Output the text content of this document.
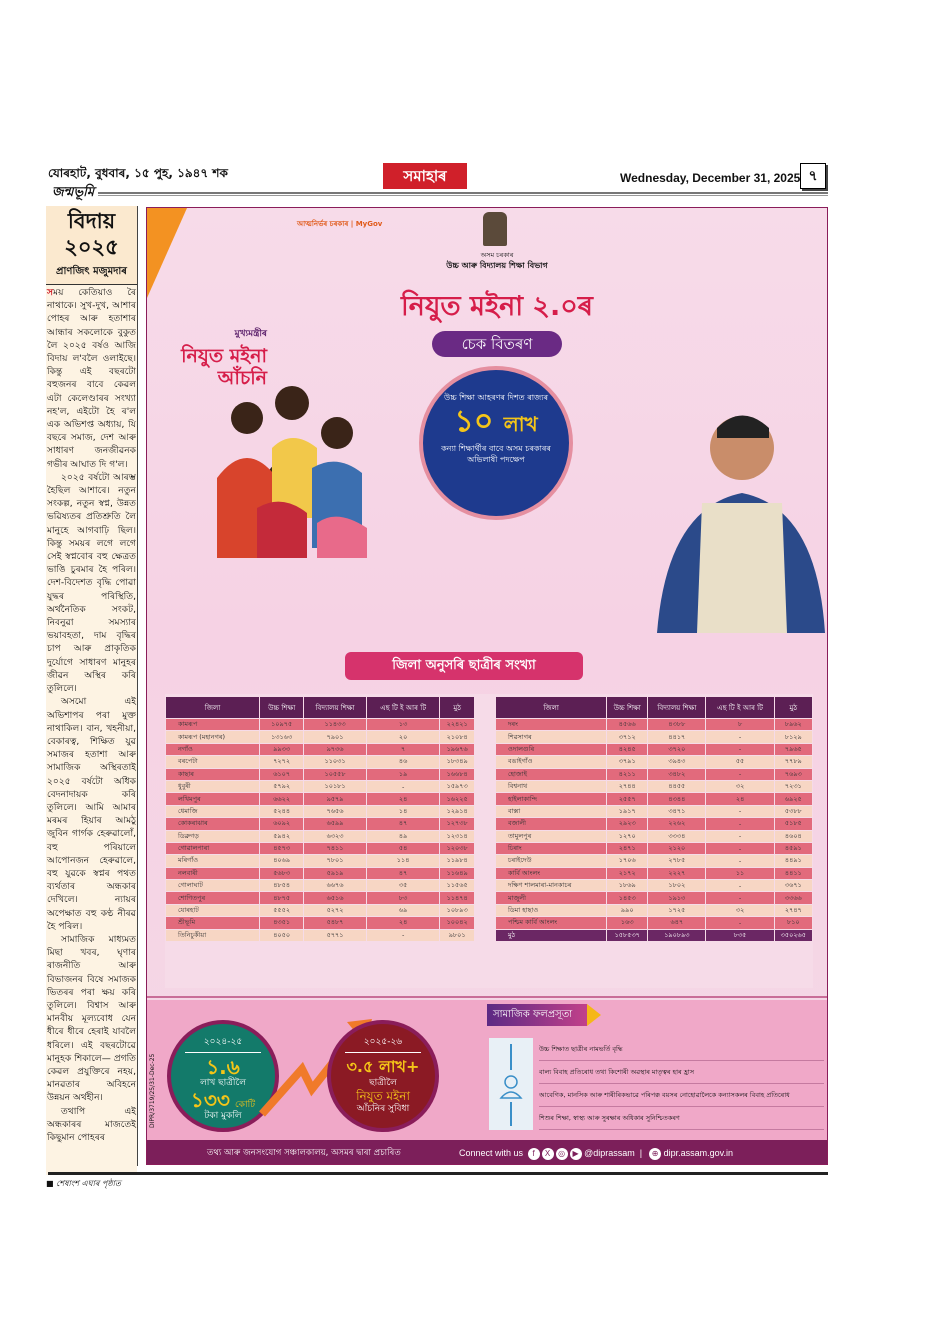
যোৰহাট, বুধবাৰ, ১৫ পুহ, ১৯৪৭ শক	সমাহাৰ	Wednesday, December 31, 2025 ৭
জন্মভূমি
বিদায়
২০২৫
প্ৰাণজিৎ মজুমদাৰ

সময় কেতিয়াও ৰৈ নাথাকে। সুখ-দুখ, আশাৰ পোহৰ আৰু হতাশাৰ আন্ধাৰ সকলোকে বুকুত লৈ ২০২৫ বৰ্ষও আজি বিদায় ল'বলৈ ওলাইছে। কিন্তু এই বছৰটো বহুজনৰ বাবে কেৱল এটা কেলেণ্ডাৰৰ সংখ্যা নহ'ল, এইটো হৈ ৰ'ল এক অভিশপ্ত অধ্যায়, যি বছৰে সমাজ, দেশ আৰু সাধাৰণ জনজীৱনক গভীৰ আঘাত দি গ'ল।

২০২৫ বৰ্ষটো আৰম্ভ হৈছিল আশাৰে। নতুন সংকল্প, নতুন স্বপ্ন, উন্নত ভৱিষ্যতৰ প্ৰতিশ্ৰুতি লৈ মানুহে আগবাঢ়ি ছিল। কিন্তু সময়ৰ লগে লগে সেই স্বপ্নবোৰ বহু ক্ষেত্ৰত ভাঙি চুৰমাৰ হৈ পৰিল। দেশ-বিদেশত বৃদ্ধি পোৱা যুদ্ধৰ পৰিস্থিতি, অৰ্থনৈতিক সংকট, নিবনুৱা সমস্যাৰ ভয়াবহতা, দাম বৃদ্ধিৰ চাপ আৰু প্ৰাকৃতিক দুৰ্যোগে সাধাৰণ মানুহৰ জীৱন অস্থিৰ কৰি তুলিলে।

অসমো এই অভিশাপৰ পৰা মুক্ত নাথাকিল। বান, খহনীয়া, বেকাৰত্ব, শিক্ষিত যুৱ সমাজৰ হতাশা আৰু সামাজিক অস্থিৰতাই ২০২৫ বৰ্ষটো অধিক বেদনাদায়ক কৰি তুলিলে। আমি আমাৰ মৰমৰ হিয়াৰ আমঠু জুবিন গাৰ্গক হেৰুৱালোঁ, বহু পৰিয়ালে আপোনজন হেৰুৱালে, বহু যুৱকে স্বপ্নৰ পথত ব্যৰ্থতাৰ অন্ধকাৰ দেখিলে। ন্যায়ৰ অপেক্ষাত বহু কণ্ঠ নীৰৱ হৈ পৰিল।

সামাজিক মাধ্যমত মিছা খবৰ, ঘৃণাৰ ৰাজনীতি আৰু বিভাজনৰ বিষে সমাজক ভিতৰৰ পৰা ক্ষয় কৰি তুলিলে। বিশ্বাস আৰু মানবীয় মূল্যবোধ যেন ধীৰে ধীৰে হেৰাই যাবলৈ ধৰিলে। এই বছৰটোৱে মানুহক শিকালে— প্ৰগতি কেৱল প্ৰযুক্তিৰে নহয়, মানৱতাৰ অবিহনে উন্নয়ন অৰ্থহীন।

তথাপি এই অন্ধকাৰৰ মাজতেই কিছুমান পোহৰৰ

■ শেষাংশ এঘাৰ পৃষ্ঠাত
আত্মনিৰ্ভৰ চৰকাৰ | MyGov
অসম চৰকাৰ
উচ্চ আৰু বিদ্যালয় শিক্ষা বিভাগ
নিযুত মইনা ২.০ৰ
চেক বিতৰণ
মুখ্যমন্ত্ৰীৰ
নিযুত মইনা
আঁচনি
উচ্চ শিক্ষা আহৰণৰ দিশত ৰাজ্যৰ
১০ লাখ
কন্যা শিক্ষাৰ্থীৰ বাবে অসম চৰকাৰৰ অভিলাষী পদক্ষেপ
জিলা অনুসৰি ছাত্ৰীৰ সংখ্যা
জিলা	উচ্চ শিক্ষা	বিদ্যালয় শিক্ষা	এছ টি ই আৰ টি	মুঠ
কামৰূপ	১০৯৭৫	১১৪৩৩	১৩	২২৪২১
কামৰূপ (মহানগৰ)	১৩১৬৩	৭৯০১	২০	২১০৮৪
নগাঁও	৯৯৩৩	৯৭৩৬	৭	১৯৬৭৬
বৰপেটা	৭২৭২	১১০৩১	৪৬	১৮৩৪৯
কাছাৰ	৬১০৭	১০৫৫৮	১৯	১৬৬৮৪
ধুবুৰী	৫৭৯২	১০১৮১	-	১৫৯৭৩
লখিমপুৰ	৬৬২২	৯৫৭৯	২৪	১৬২২৫
ধেমাজি	৫২৪৪	৭৬৫৬	১৪	১২৯১৪
কোকৰাঝাৰ	৬০৯২	৬৫৯৯	৪৭	১২৭৩৮
ডিব্ৰুগড়	৫৯৪২	৬৩২৩	৪৯	১২৩১৪
গোৱালপাৰা	৪৫৭৩	৭৪১১	৫৪	১২০৩৮
মৰিগাঁও	৪০৬৯	৭৮০১	১১৪	১১৯৮৪
নলবাৰী	৫৬৮৩	৫৯১৯	৪৭	১১৬৪৯
গোলাঘাট	৪৮৫৪	৬৬৭৬	৩৫	১১৫৬৫
শোণিতপুৰ	৪৮৭৫	৬৫১৬	৮৩	১১৪৭৪
যোৰহাট	৫৫৫২	৫২৭২	৬৯	১০৮৯৩
শ্ৰীভূমি	৪৩৫১	৫৪৮৭	২৪	১০০৪২
তিনিচুকীয়া	৪০৫০	৫৭৭১	-	৯৮০১
জিলা	উচ্চ শিক্ষা	বিদ্যালয় শিক্ষা	এছ টি ই আৰ টি	মুঠ
দৰং	৪৫৬৬	৪৩৮৮	৮	৮৯৬২
শিৱসাগৰ	৩৭১২	৪৪১৭	-	৮১২৯
ওদালগুৰি	৪২৪৫	৩৭২০	-	৭৯৬৫
বঙাইগাঁও	৩৭৯১	৩৯৪৩	৫৫	৭৭৮৯
হোজাই	৪২১১	৩৪৮২	-	৭৬৯৩
বিশ্বনাথ	২৭৪৪	৪৪৫৫	৩২	৭২৩১
হাইলাকান্দি	২৫৫৭	৪৩৪৪	২৪	৬৯২৫
বাক্সা	১৯১৭	৩৪৭১	-	৫৩৮৮
বজালী	২৯২৩	২২৬২	-	৫১৮৫
তামুলপুৰ	১২৭০	৩৩৩৪	-	৪৬০৪
চিৰাং	২৪৭১	২১২০	-	৪৫৯১
চৰাইদেউ	১৭০৬	২৭৮৫	-	৪৪৯১
কাৰ্বি আংলং	২১৭২	২২২৭	১১	৪৪১১
দক্ষিণ শালমাৰা-মানকাচৰ	১৮৬৯	১৮০২	-	৩৬৭১
মাজুলী	১৪৫৩	১৯১৩	-	৩৩৬৬
ডিমা হাছাও	৯৯০	১৭২৫	৩২	২৭৪৭
পশ্চিম কাৰ্বি আংলং	১৬৩	৬৪৭	-	৮১০
মুঠ	১৫৮৫৩৭	১৯০৮৯৩	৮৩৫	৩৫০২৬৫
২০২৪-২৫
১.৬
লাখ ছাত্ৰীলৈ
১৩৩ কোটি
টকা মুকলি
২০২৫-২৬
৩.৫ লাখ+
ছাত্ৰীলৈ
নিযুত মইনা
আঁচনিৰ সুবিধা
সামাজিক ফলপ্ৰসূতা
উচ্চ শিক্ষাত ছাত্ৰীৰ নামভৰ্তি বৃদ্ধি
বাল্য বিবাহ প্ৰতিৰোধ তথা কিশোৰী অৱস্থাৰ মাতৃত্বৰ হাৰ হ্ৰাস
আবেগিক, মানসিক আৰু শাৰীৰিকভাৱে পৰিপক্ক বয়সৰ নোহোৱালৈকে কন্যাসকলৰ বিবাহ প্ৰতিৰোধ
শিশুৰ শিক্ষা, স্বাস্থ্য আৰু সুৰক্ষাৰ অধিকাৰ সুনিশ্চিতকৰণ
DIPR/3719/25/31-Dec-25
তথ্য আৰু জনসংযোগ সঞ্চালকালয়, অসমৰ দ্বাৰা প্ৰচাৰিত	Connect with us f X ◎ ▶ @diprassam  |  ⊕ dipr.assam.gov.in
